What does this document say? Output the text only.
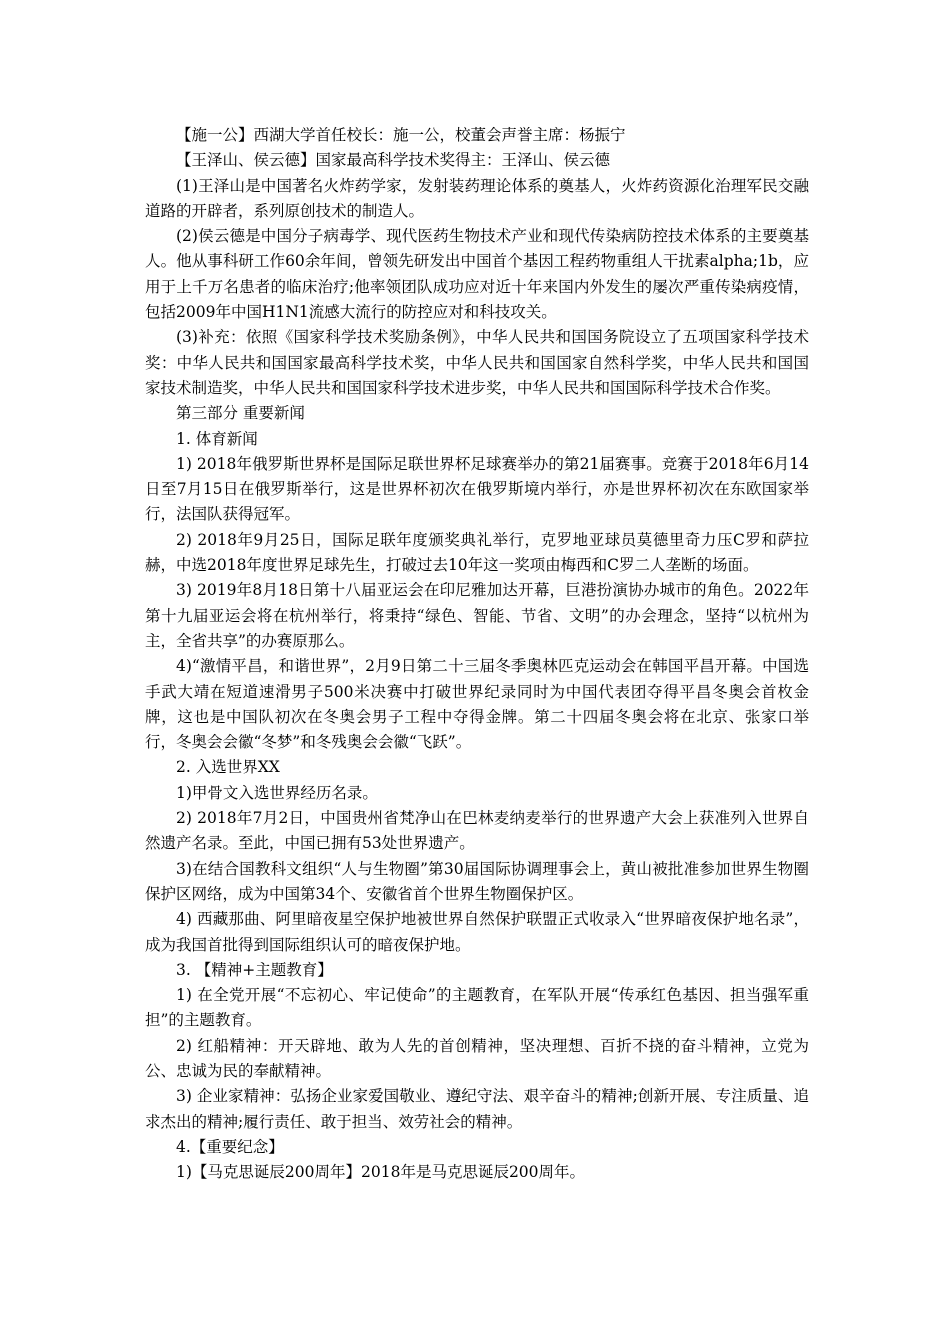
【施一公】西湖大学首任校长：施一公，校董会声誉主席：杨振宁

【王泽山、侯云德】国家最高科学技术奖得主：王泽山、侯云德

(1)王泽山是中国著名火炸药学家，发射装药理论体系的奠基人，火炸药资源化治理军民交融道路的开辟者，系列原创技术的制造人。

(2)侯云德是中国分子病毒学、现代医药生物技术产业和现代传染病防控技术体系的主要奠基人。他从事科研工作60余年间，曾领先研发出中国首个基因工程药物重组人干扰素alpha;1b，应用于上千万名患者的临床治疗;他率领团队成功应对近十年来国内外发生的屡次严重传染病疫情，包括2009年中国H1N1流感大流行的防控应对和科技攻关。

(3)补充：依照《国家科学技术奖励条例》，中华人民共和国国务院设立了五项国家科学技术奖：中华人民共和国国家最高科学技术奖，中华人民共和国国家自然科学奖，中华人民共和国国家技术制造奖，中华人民共和国国家科学技术进步奖，中华人民共和国国际科学技术合作奖。

第三部分 重要新闻

1. 体育新闻

1) 2018年俄罗斯世界杯是国际足联世界杯足球赛举办的第21届赛事。竞赛于2018年6月14日至7月15日在俄罗斯举行，这是世界杯初次在俄罗斯境内举行，亦是世界杯初次在东欧国家举行，法国队获得冠军。

2) 2018年9月25日，国际足联年度颁奖典礼举行，克罗地亚球员莫德里奇力压C罗和萨拉赫，中选2018年度世界足球先生，打破过去10年这一奖项由梅西和C罗二人垄断的场面。

3) 2019年8月18日第十八届亚运会在印尼雅加达开幕，巨港扮演协办城市的角色。2022年第十九届亚运会将在杭州举行，将秉持“绿色、智能、节省、文明”的办会理念，坚持“以杭州为主，全省共享”的办赛原那么。

4)“激情平昌，和谐世界”，2月9日第二十三届冬季奥林匹克运动会在韩国平昌开幕。中国选手武大靖在短道速滑男子500米决赛中打破世界纪录同时为中国代表团夺得平昌冬奥会首枚金牌，这也是中国队初次在冬奥会男子工程中夺得金牌。第二十四届冬奥会将在北京、张家口举行，冬奥会会徽“冬梦”和冬残奥会会徽“飞跃”。

2. 入选世界XX

1)甲骨文入选世界经历名录。

2) 2018年7月2日，中国贵州省梵净山在巴林麦纳麦举行的世界遗产大会上获准列入世界自然遗产名录。至此，中国已拥有53处世界遗产。

3)在结合国教科文组织“人与生物圈”第30届国际协调理事会上，黄山被批准参加世界生物圈保护区网络，成为中国第34个、安徽省首个世界生物圈保护区。

4) 西藏那曲、阿里暗夜星空保护地被世界自然保护联盟正式收录入“世界暗夜保护地名录”，成为我国首批得到国际组织认可的暗夜保护地。

3. 【精神+主题教育】

1) 在全党开展“不忘初心、牢记使命”的主题教育，在军队开展“传承红色基因、担当强军重担”的主题教育。

2) 红船精神：开天辟地、敢为人先的首创精神，坚决理想、百折不挠的奋斗精神，立党为公、忠诚为民的奉献精神。

3) 企业家精神：弘扬企业家爱国敬业、遵纪守法、艰辛奋斗的精神;创新开展、专注质量、追求杰出的精神;履行责任、敢于担当、效劳社会的精神。

4.【重要纪念】

1)【马克思诞辰200周年】2018年是马克思诞辰200周年。
